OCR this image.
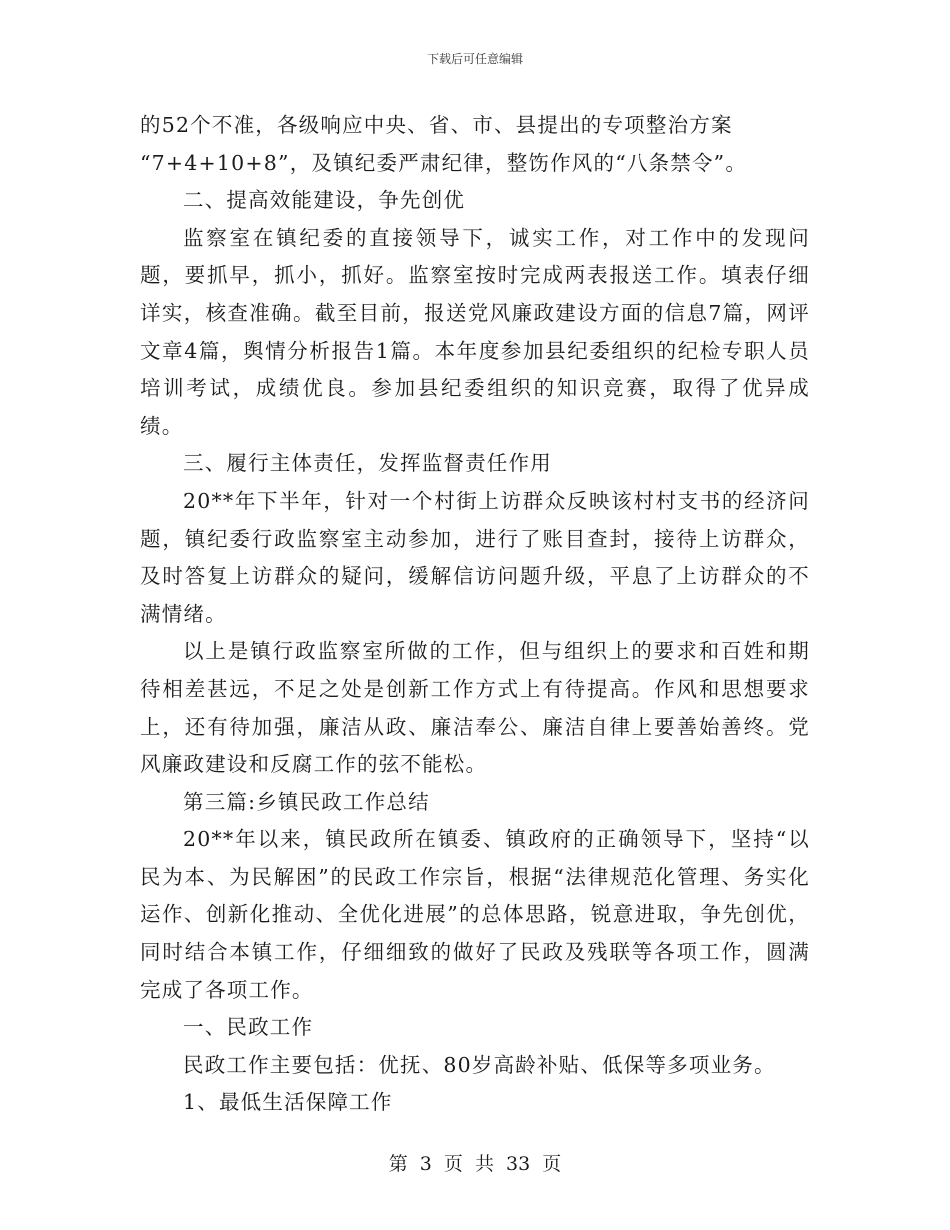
下载后可任意编辑

的52个不准，各级响应中央、省、市、县提出的专项整治方案

“7+4+10+8”，及镇纪委严肃纪律，整饬作风的“八条禁令”。

二、提高效能建设，争先创优

监察室在镇纪委的直接领导下，诚实工作，对工作中的发现问题，要抓早，抓小，抓好。监察室按时完成两表报送工作。填表仔细详实，核查准确。截至目前，报送党风廉政建设方面的信息7篇，网评文章4篇，舆情分析报告1篇。本年度参加县纪委组织的纪检专职人员培训考试，成绩优良。参加县纪委组织的知识竞赛，取得了优异成绩。

三、履行主体责任，发挥监督责任作用

20**年下半年，针对一个村街上访群众反映该村村支书的经济问题，镇纪委行政监察室主动参加，进行了账目查封，接待上访群众，及时答复上访群众的疑问，缓解信访问题升级，平息了上访群众的不满情绪。

以上是镇行政监察室所做的工作，但与组织上的要求和百姓和期待相差甚远，不足之处是创新工作方式上有待提高。作风和思想要求上，还有待加强，廉洁从政、廉洁奉公、廉洁自律上要善始善终。党风廉政建设和反腐工作的弦不能松。

第三篇:乡镇民政工作总结

20**年以来，镇民政所在镇委、镇政府的正确领导下，坚持“以民为本、为民解困”的民政工作宗旨，根据“法律规范化管理、务实化运作、创新化推动、全优化进展”的总体思路，锐意进取，争先创优，同时结合本镇工作，仔细细致的做好了民政及残联等各项工作，圆满完成了各项工作。

一、民政工作

民政工作主要包括：优抚、80岁高龄补贴、低保等多项业务。

1、最低生活保障工作

第 3 页 共 33 页
